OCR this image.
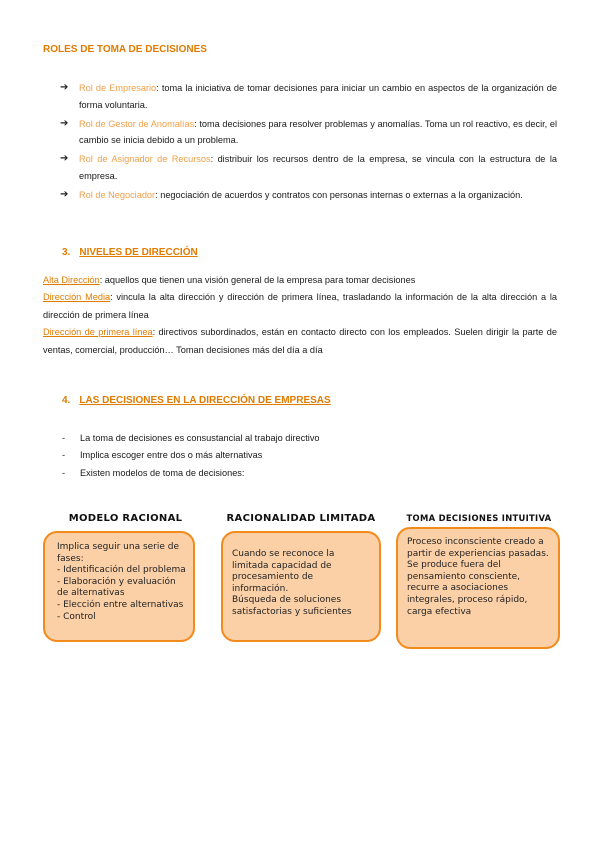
ROLES DE TOMA DE DECISIONES
➔ Rol de Empresario: toma la iniciativa de tomar decisiones para iniciar un cambio en aspectos de la organización de forma voluntaria.
➔ Rol de Gestor de Anomalías: toma decisiones para resolver problemas y anomalías. Toma un rol reactivo, es decir, el cambio se inicia debido a un problema.
➔ Rol de Asignador de Recursos: distribuir los recursos dentro de la empresa, se vincula con la estructura de la empresa.
➔ Rol de Negociador: negociación de acuerdos y contratos con personas internas o externas a la organización.
3. NIVELES DE DIRECCIÓN
Alta Dirección: aquellos que tienen una visión general de la empresa para tomar decisiones
Dirección Media: vincula la alta dirección y dirección de primera línea, trasladando la información de la alta dirección a la dirección de primera línea
Dirección de primera línea: directivos subordinados, están en contacto directo con los empleados. Suelen dirigir la parte de ventas, comercial, producción… Toman decisiones más del día a día
4. LAS DECISIONES EN LA DIRECCIÓN DE EMPRESAS
- La toma de decisiones es consustancial al trabajo directivo
- Implica escoger entre dos o más alternativas
- Existen modelos de toma de decisiones:
MODELO RACIONAL
Implica seguir una serie de fases:
- Identificación del problema
- Elaboración y evaluación de alternativas
- Elección entre alternativas
- Control
RACIONALIDAD LIMITADA
Cuando se reconoce la limitada capacidad de procesamiento de información.
Búsqueda de soluciones satisfactorias y suficientes
TOMA DECISIONES INTUITIVA
Proceso inconsciente creado a partir de experiencias pasadas.
Se produce fuera del pensamiento consciente, recurre a asociaciones integrales, proceso rápido, carga efectiva
